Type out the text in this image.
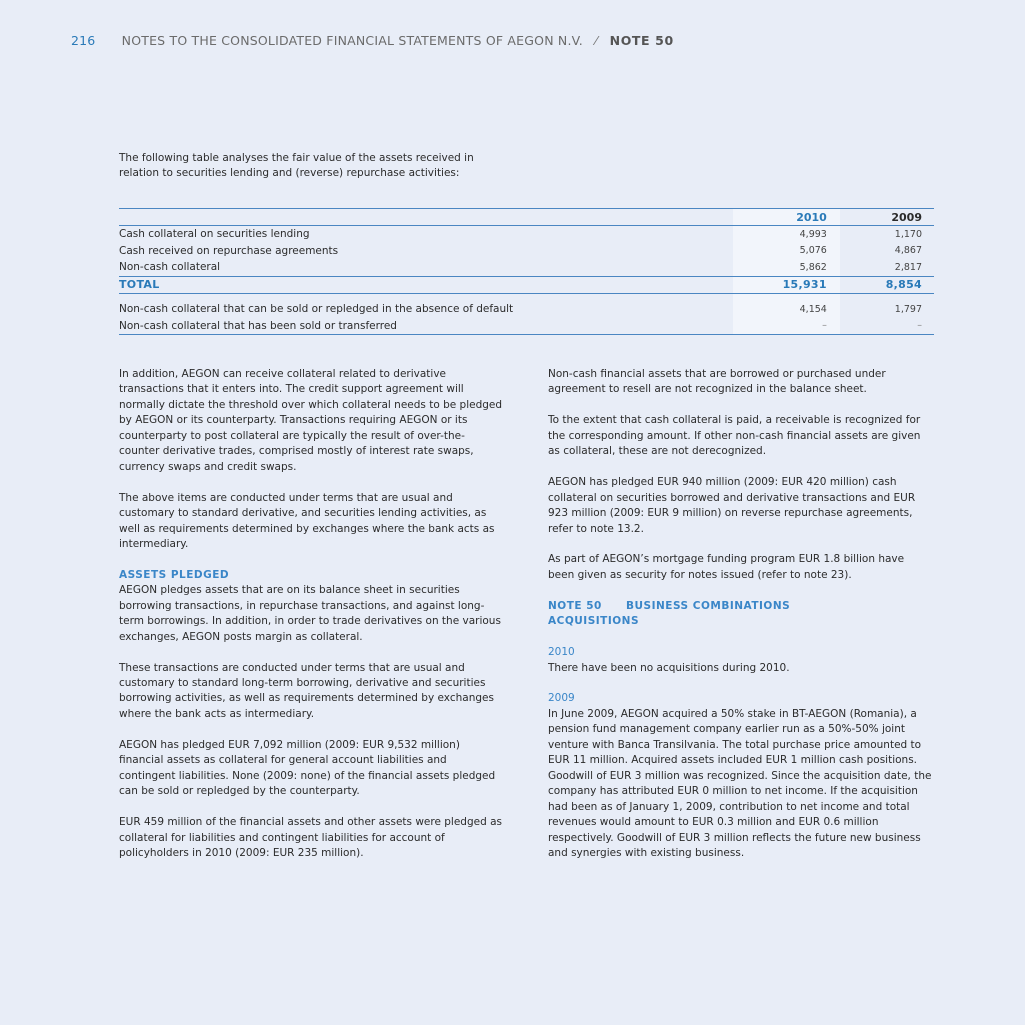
216 NOTES TO THE CONSOLIDATED FINANCIAL STATEMENTS OF AEGON N.V. ⁄ NOTE 50
The following table analyses the fair value of the assets received in relation to securities lending and (reverse) repurchase activities:
	2010	2009
Cash collateral on securities lending	4,993	1,170
Cash received on repurchase agreements	5,076	4,867
Non-cash collateral	5,862	2,817
TOTAL	15,931	8,854

Non-cash collateral that can be sold or repledged in the absence of default	4,154	1,797
Non-cash collateral that has been sold or transferred	–	–

In addition, AEGON can receive collateral related to derivative transactions that it enters into. The credit support agreement will normally dictate the threshold over which collateral needs to be pledged by AEGON or its counterparty. Transactions requiring AEGON or its counterparty to post collateral are typically the result of over-the-counter derivative trades, comprised mostly of interest rate swaps, currency swaps and credit swaps.

The above items are conducted under terms that are usual and customary to standard derivative, and securities lending activities, as well as requirements determined by exchanges where the bank acts as intermediary.

ASSETS PLEDGED

AEGON pledges assets that are on its balance sheet in securities borrowing transactions, in repurchase transactions, and against long-term borrowings. In addition, in order to trade derivatives on the various exchanges, AEGON posts margin as collateral.

These transactions are conducted under terms that are usual and customary to standard long-term borrowing, derivative and securities borrowing activities, as well as requirements determined by exchanges where the bank acts as intermediary.

AEGON has pledged EUR 7,092 million (2009: EUR 9,532 million) financial assets as collateral for general account liabilities and contingent liabilities. None (2009: none) of the financial assets pledged can be sold or repledged by the counterparty.

EUR 459 million of the financial assets and other assets were pledged as collateral for liabilities and contingent liabilities for account of policyholders in 2010 (2009: EUR 235 million).

Non-cash financial assets that are borrowed or purchased under agreement to resell are not recognized in the balance sheet.

To the extent that cash collateral is paid, a receivable is recognized for the corresponding amount. If other non-cash financial assets are given as collateral, these are not derecognized.

AEGON has pledged EUR 940 million (2009: EUR 420 million) cash collateral on securities borrowed and derivative transactions and EUR 923 million (2009: EUR 9 million) on reverse repurchase agreements, refer to note 13.2.

As part of AEGON’s mortgage funding program EUR 1.8 billion have been given as security for notes issued (refer to note 23).

NOTE 50 BUSINESS COMBINATIONS

ACQUISITIONS

2010

There have been no acquisitions during 2010.

2009

In June 2009, AEGON acquired a 50% stake in BT-AEGON (Romania), a pension fund management company earlier run as a 50%-50% joint venture with Banca Transilvania. The total purchase price amounted to EUR 11 million. Acquired assets included EUR 1 million cash positions. Goodwill of EUR 3 million was recognized. Since the acquisition date, the company has attributed EUR 0 million to net income. If the acquisition had been as of January 1, 2009, contribution to net income and total revenues would amount to EUR 0.3 million and EUR 0.6 million respectively. Goodwill of EUR 3 million reflects the future new business and synergies with existing business.
